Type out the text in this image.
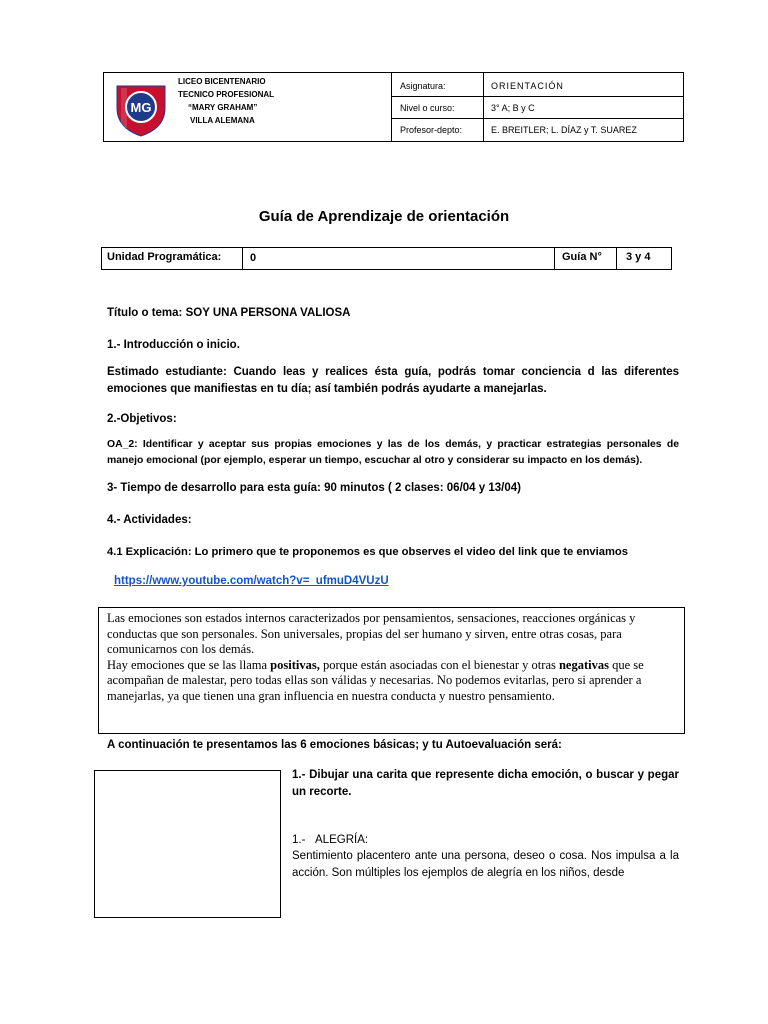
MG
LICEO BICENTENARIO
TECNICO PROFESIONAL
“MARY GRAHAM”
VILLA ALEMANA
Asignatura:	ORIENTACIÓN
Nivel o curso:	3° A; B y C
Profesor-depto:	E. BREITLER; L. DÍAZ y T. SUAREZ
Guía de Aprendizaje de orientación
Unidad Programática:	0	Guía N° 3 y 4
Título o tema: SOY UNA PERSONA VALIOSA
1.- Introducción o inicio.
Estimado estudiante: Cuando leas y realices ésta guía, podrás tomar conciencia d las diferentes emociones que manifiestas en tu día; así también podrás ayudarte a manejarlas.
2.-Objetivos:
OA_2: Identificar y aceptar sus propias emociones y las de los demás, y practicar estrategias personales de manejo emocional (por ejemplo, esperar un tiempo, escuchar al otro y considerar su impacto en los demás).
3- Tiempo de desarrollo para esta guía: 90 minutos ( 2 clases: 06/04 y 13/04)
4.- Actividades:
4.1 Explicación: Lo primero que te proponemos es que observes el video del link que te enviamos
https://www.youtube.com/watch?v=_ufmuD4VUzU
Las emociones son estados internos caracterizados por pensamientos, sensaciones, reacciones orgánicas y conductas que son personales. Son universales, propias del ser humano y sirven, entre otras cosas, para comunicarnos con los demás.
Hay emociones que se las llama positivas, porque están asociadas con el bienestar y otras negativas que se acompañan de malestar, pero todas ellas son válidas y necesarias. No podemos evitarlas, pero si aprender a manejarlas, ya que tienen una gran influencia en nuestra conducta y nuestro pensamiento.
A continuación te presentamos las 6 emociones básicas; y tu Autoevaluación será:
1.- Dibujar una carita que represente dicha emoción, o buscar y pegar un recorte.
1.- ALEGRÍA:
Sentimiento placentero ante una persona, deseo o cosa. Nos impulsa a la acción. Son múltiples los ejemplos de alegría en los niños, desde
